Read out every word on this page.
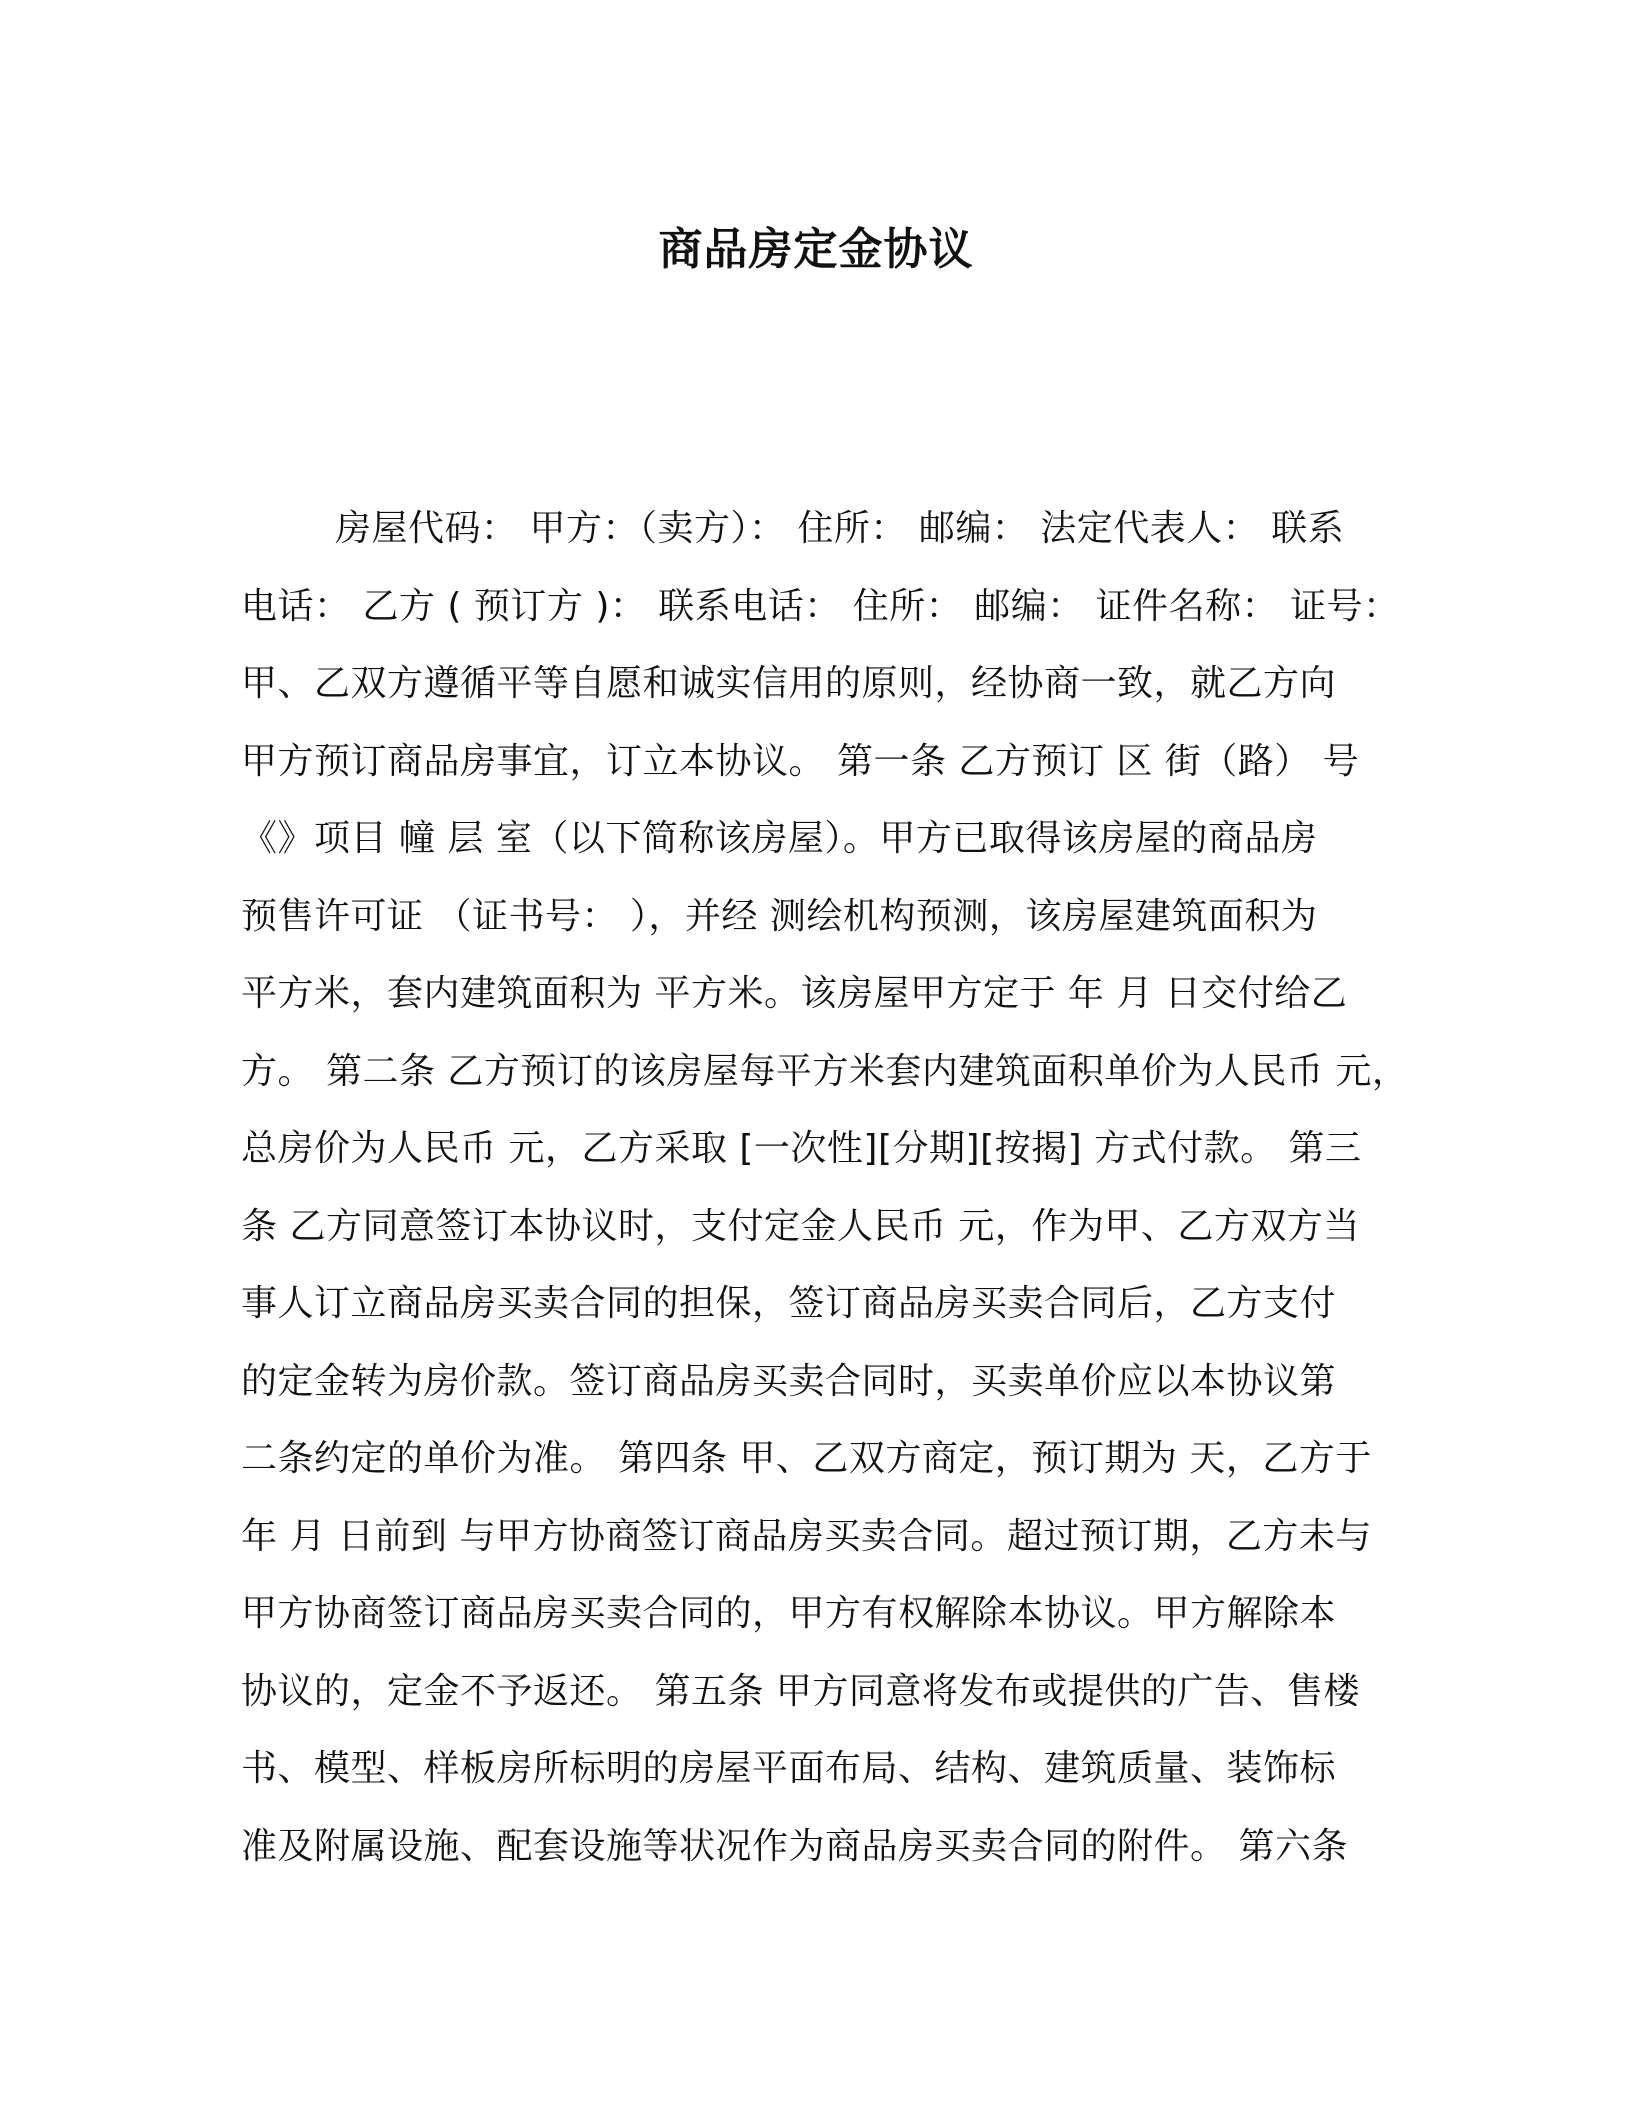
商品房定金协议
房屋代码： 甲方：（卖方）： 住所： 邮编： 法定代表人： 联系
电话： 乙方 ( 预订方 )： 联系电话： 住所： 邮编： 证件名称： 证号：
甲、乙双方遵循平等自愿和诚实信用的原则，经协商一致，就乙方向
甲方预订商品房事宜，订立本协议。 第一条 乙方预订 区 街（路） 号
《》项目 幢 层 室（以下简称该房屋）。甲方已取得该房屋的商品房
预售许可证 （证书号： ），并经 测绘机构预测，该房屋建筑面积为
平方米，套内建筑面积为 平方米。该房屋甲方定于 年 月 日交付给乙
方。 第二条 乙方预订的该房屋每平方米套内建筑面积单价为人民币 元，
总房价为人民币 元，乙方采取 [一次性][分期][按揭] 方式付款。 第三
条 乙方同意签订本协议时，支付定金人民币 元，作为甲、乙方双方当
事人订立商品房买卖合同的担保，签订商品房买卖合同后，乙方支付
的定金转为房价款。签订商品房买卖合同时，买卖单价应以本协议第
二条约定的单价为准。 第四条 甲、乙双方商定，预订期为 天，乙方于
年 月 日前到 与甲方协商签订商品房买卖合同。超过预订期，乙方未与
甲方协商签订商品房买卖合同的，甲方有权解除本协议。甲方解除本
协议的，定金不予返还。 第五条 甲方同意将发布或提供的广告、售楼
书、模型、样板房所标明的房屋平面布局、结构、建筑质量、装饰标
准及附属设施、配套设施等状况作为商品房买卖合同的附件。 第六条
